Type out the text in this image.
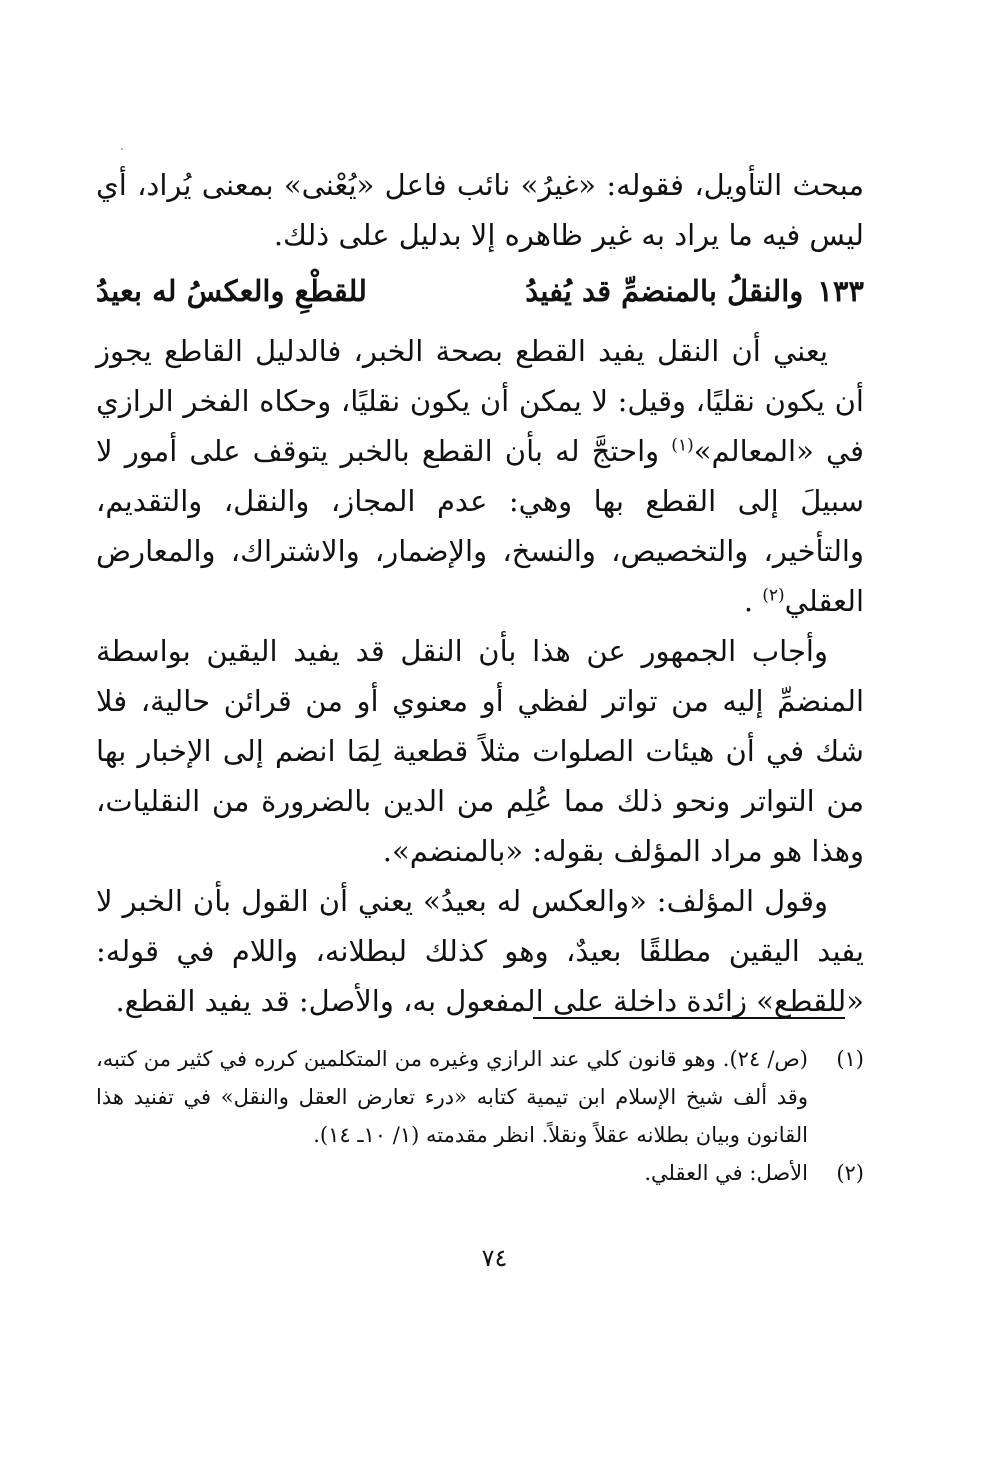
مبحث التأويل، فقوله: «غيرُ» نائب فاعل «يُعْنى» بمعنى يُراد، أي ليس فيه ما يراد به غير ظاهره إلا بدليل على ذلك.

١٣٣
والنقلُ بالمنضمِّ قد يُفيدُ
للقطْعِ والعكسُ له بعيدُ

يعني أن النقل يفيد القطع بصحة الخبر، فالدليل القاطع يجوز أن يكون نقليًا، وقيل: لا يمكن أن يكون نقليًا، وحكاه الفخر الرازي في «المعالم»$^{(١)}$ واحتجَّ له بأن القطع بالخبر يتوقف على أمور لا سبيلَ إلى القطع بها وهي: عدم المجاز، والنقل، والتقديم، والتأخير، والتخصيص، والنسخ، والإضمار، والاشتراك، والمعارض العقلي$^{(٢)}$ .

وأجاب الجمهور عن هذا بأن النقل قد يفيد اليقين بواسطة المنضمِّ إليه من تواتر لفظي أو معنوي أو من قرائن حالية، فلا شك في أن هيئات الصلوات مثلاً قطعية لِمَا انضم إلى الإخبار بها من التواتر ونحو ذلك مما عُلِم من الدين بالضرورة من النقليات، وهذا هو مراد المؤلف بقوله: «بالمنضم».

وقول المؤلف: «والعكس له بعيدُ» يعني أن القول بأن الخبر لا يفيد اليقين مطلقًا بعيدٌ، وهو كذلك لبطلانه، واللام في قوله: «للقطع» زائدة داخلة على المفعول به، والأصل: قد يفيد القطع.

(١)
(ص/ ٢٤). وهو قانون كلي عند الرازي وغيره من المتكلمين كرره في كثير من كتبه، وقد ألف شيخ الإسلام ابن تيمية كتابه «درء تعارض العقل والنقل» في تفنيد هذا القانون وبيان بطلانه عقلاً ونقلاً. انظر مقدمته (١/ ١٠ـ ١٤).
(٢)
الأصل: في العقلي.
٧٤
